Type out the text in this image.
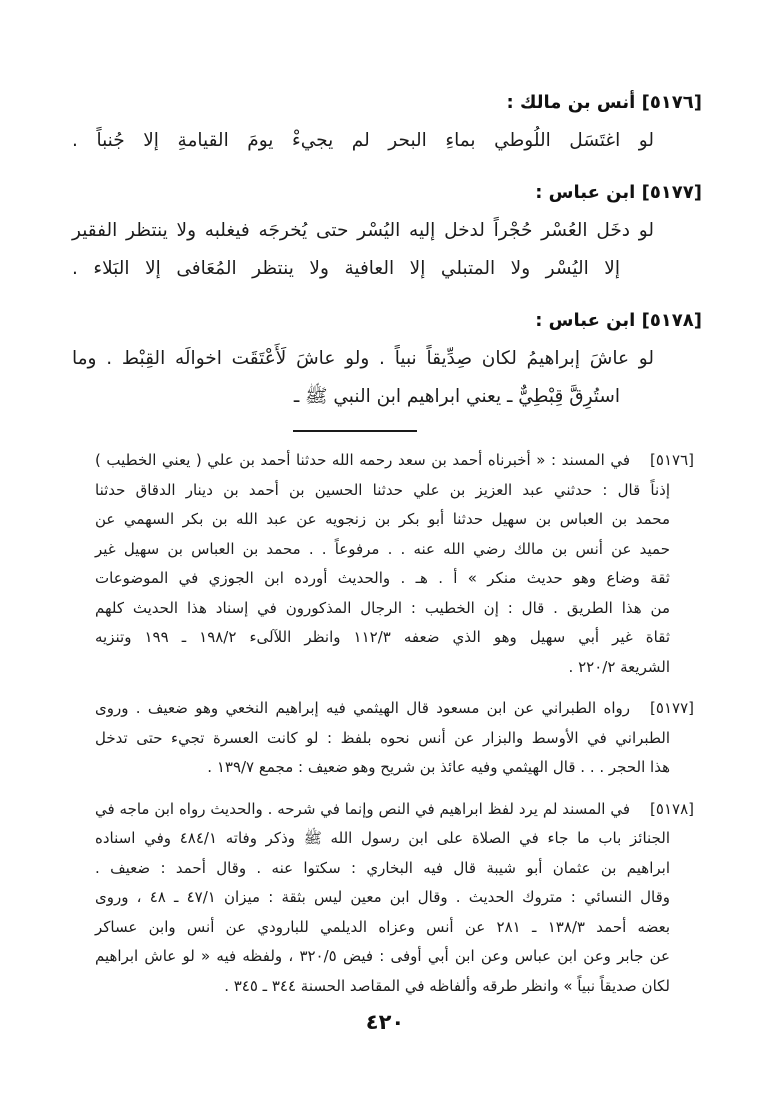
[٥١٧٦] أنس بن مالك :
لو اغتَسَل اللُوطي بماءِ البحر لم يجيءْ يومَ القيامةِ إلا جُنباً .
[٥١٧٧] ابن عباس :
لو دخَل العُسْر حُجْراً لدخل إليه اليُسْر حتى يُخرجَه فيغلبه ولا ينتظر الفقير
إلا اليُسْر ولا المتبلي إلا العافية ولا ينتظر المُعَافى إلا البَلاء .
[٥١٧٨] ابن عباس :
لو عاشَ إبراهيمُ لكان صِدِّيقاً نبياً . ولو عاشَ لَأَعْتَقَت اخوالَه القِبْط . وما
استُرِقَّ قِبْطِيٌّ ـ يعني ابراهيم ابن النبي ﷺ ـ
[٥١٧٦]
في المسند : « أخبرناه أحمد بن سعد رحمه الله حدثنا أحمد بن علي ( يعني الخطيب )
إذناً قال : حدثني عبد العزيز بن علي حدثنا الحسين بن أحمد بن دينار الدقاق حدثنا
محمد بن العباس بن سهيل حدثنا أبو بكر بن زنجويه عن عبد الله بن بكر السهمي عن
حميد عن أنس بن مالك رضي الله عنه . . مرفوعاً . . محمد بن العباس بن سهيل غير
ثقة وضاع وهو حديث منكر » أ . هـ . والحديث أورده ابن الجوزي في الموضوعات
من هذا الطريق . قال : إن الخطيب : الرجال المذكورون في إسناد هذا الحديث كلهم
ثقاة غير أبي سهيل وهو الذي ضعفه ١١٢/٣ وانظر اللآلىء ١٩٨/٢ ـ ١٩٩ وتنزيه
الشريعة ٢٢٠/٢ .
[٥١٧٧]
رواه الطبراني عن ابن مسعود قال الهيثمي فيه إبراهيم النخعي وهو ضعيف . وروى
الطبراني في الأوسط والبزار عن أنس نحوه بلفظ : لو كانت العسرة تجيء حتى تدخل
هذا الحجر . . . قال الهيثمي وفيه عائذ بن شريح وهو ضعيف : مجمع ١٣٩/٧ .
[٥١٧٨]
في المسند لم يرد لفظ ابراهيم في النص وإنما في شرحه . والحديث رواه ابن ماجه في
الجنائز باب ما جاء في الصلاة على ابن رسول الله ﷺ وذكر وفاته ٤٨٤/١ وفي اسناده
ابراهيم بن عثمان أبو شيبة قال فيه البخاري : سكتوا عنه . وقال أحمد : ضعيف .
وقال النسائي : متروك الحديث . وقال ابن معين ليس بثقة : ميزان ٤٧/١ ـ ٤٨ ، وروى
بعضه أحمد ١٣٨/٣ ـ ٢٨١ عن أنس وعزاه الديلمي للبارودي عن أنس وابن عساكر
عن جابر وعن ابن عباس وعن ابن أبي أوفى : فيض ٣٢٠/٥ ، ولفظه فيه « لو عاش ابراهيم
لكان صديقاً نبياً » وانظر طرقه وألفاظه في المقاصد الحسنة ٣٤٤ ـ ٣٤٥ .
٤٢٠
